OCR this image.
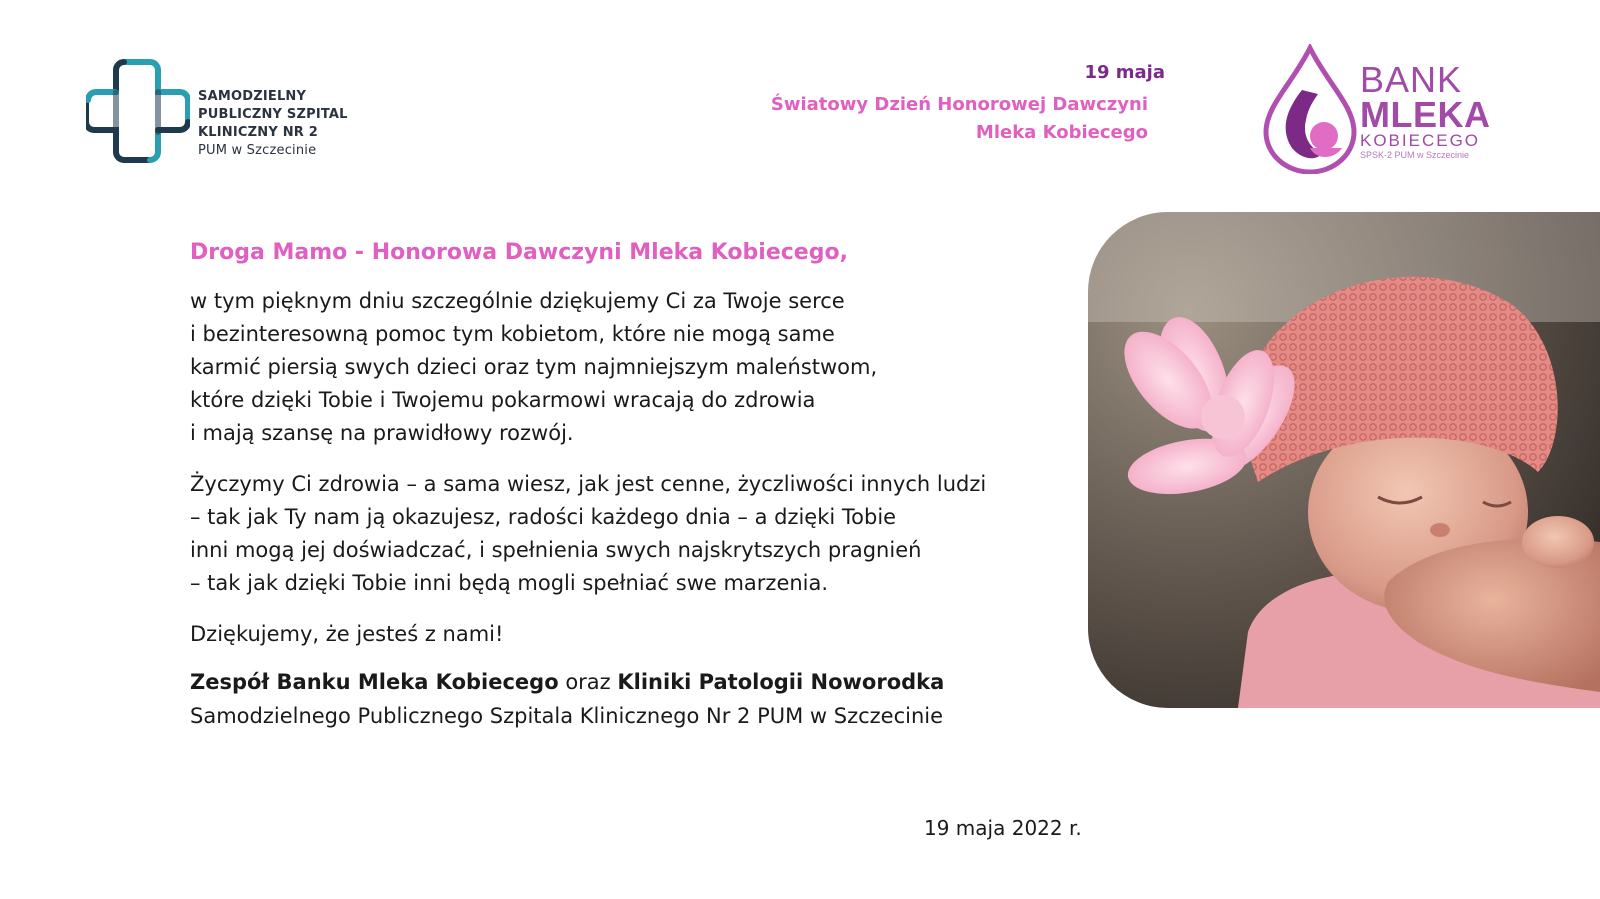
SAMODZIELNY
PUBLICZNY SZPITAL
KLINICZNY NR 2
PUM w Szczecinie
19 maja
Światowy Dzień Honorowej Dawczyni
Mleka Kobiecego
BANK
MLEKA
KOBIECEGO
SPSK-2 PUM w Szczecinie
Droga Mamo - Honorowa Dawczyni Mleka Kobiecego,
w tym pięknym dniu szczególnie dziękujemy Ci za Twoje serce
i bezinteresowną pomoc tym kobietom, które nie mogą same
karmić piersią swych dzieci oraz tym najmniejszym maleństwom,
które dzięki Tobie i Twojemu pokarmowi wracają do zdrowia
i mają szansę na prawidłowy rozwój.
Życzymy Ci zdrowia – a sama wiesz, jak jest cenne, życzliwości innych ludzi
– tak jak Ty nam ją okazujesz, radości każdego dnia – a dzięki Tobie
inni mogą jej doświadczać, i spełnienia swych najskrytszych pragnień
– tak jak dzięki Tobie inni będą mogli spełniać swe marzenia.
Dziękujemy, że jesteś z nami!
Zespół Banku Mleka Kobiecego oraz Kliniki Patologii Noworodka
Samodzielnego Publicznego Szpitala Klinicznego Nr 2 PUM w Szczecinie
19 maja 2022 r.
